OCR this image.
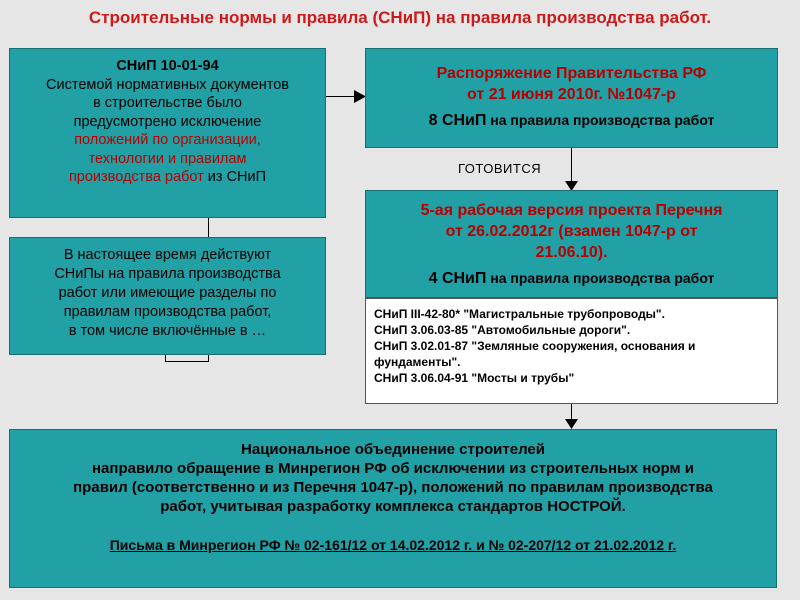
Строительные нормы и правила (СНиП) на правила производства работ.
ГОТОВИТСЯ
СНиП 10-01-94
Системой нормативных документов
в строительстве было
предусмотрено исключение
положений по организации,
технологии и правилам
производства работ из СНиП
В настоящее время действуют
СНиПы на правила производства
работ или имеющие разделы по
правилам производства работ,
в том числе включённые в …
Распоряжение Правительства РФ
от 21 июня 2010г. №1047-р
8 СНиП на правила производства работ
5-ая рабочая версия проекта Перечня
от 26.02.2012г (взамен 1047-р от
21.06.10).
4 СНиП на правила производства работ
СНиП III-42-80* "Магистральные трубопроводы".
СНиП 3.06.03-85 "Автомобильные дороги".
СНиП 3.02.01-87 "Земляные сооружения, основания и
фундаменты".
СНиП 3.06.04-91 "Мосты и трубы"
Национальное объединение строителей
направило обращение в Минрегион РФ об исключении из строительных норм и
правил (соответственно и из Перечня 1047-р), положений по правилам производства
работ, учитывая разработку комплекса стандартов НОСТРОЙ.
Письма в Минрегион РФ № 02-161/12 от 14.02.2012 г. и № 02-207/12 от 21.02.2012 г.
